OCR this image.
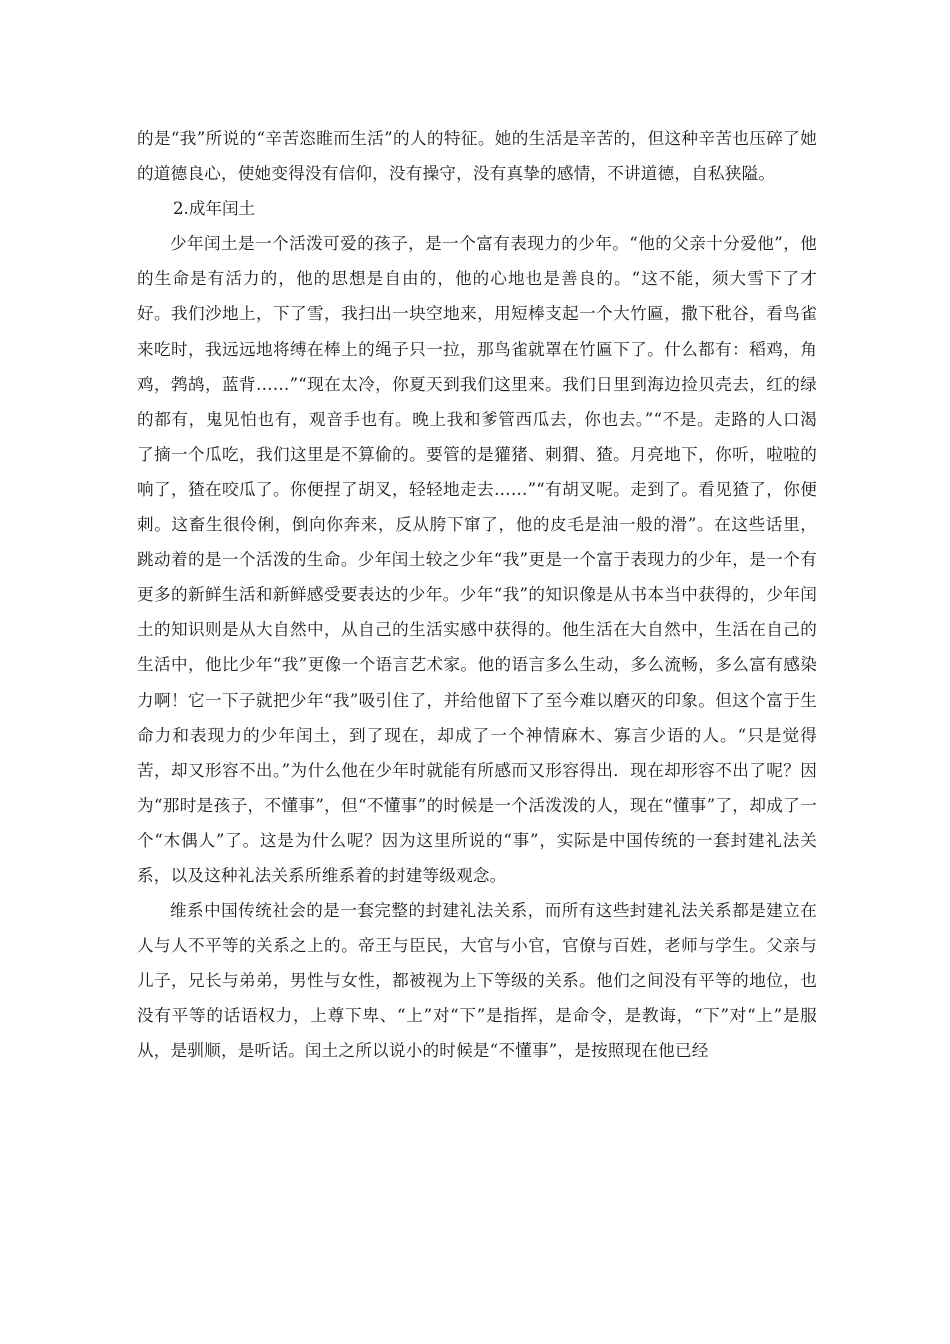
的是“我”所说的“辛苦恣睢而生活”的人的特征。她的生活是辛苦的，但这种辛苦也压碎了她的道德良心，使她变得没有信仰，没有操守，没有真挚的感情，不讲道德，自私狭隘。

2.成年闰土

少年闰土是一个活泼可爱的孩子，是一个富有表现力的少年。“他的父亲十分爱他”，他的生命是有活力的，他的思想是自由的，他的心地也是善良的。“这不能，须大雪下了才好。我们沙地上，下了雪，我扫出一块空地来，用短棒支起一个大竹匾，撒下秕谷，看鸟雀来吃时，我远远地将缚在棒上的绳子只一拉，那鸟雀就罩在竹匾下了。什么都有：稻鸡，角鸡，鹁鸪，蓝背……”“现在太冷，你夏天到我们这里来。我们日里到海边捡贝壳去，红的绿的都有，鬼见怕也有，观音手也有。晚上我和爹管西瓜去，你也去。”“不是。走路的人口渴了摘一个瓜吃，我们这里是不算偷的。要管的是獾猪、刺猬、猹。月亮地下，你听，啦啦的响了，猹在咬瓜了。你便捏了胡叉，轻轻地走去……”“有胡叉呢。走到了。看见猹了，你便刺。这畜生很伶俐，倒向你奔来，反从胯下窜了，他的皮毛是油一般的滑”。在这些话里，跳动着的是一个活泼的生命。少年闰土较之少年“我”更是一个富于表现力的少年，是一个有更多的新鲜生活和新鲜感受要表达的少年。少年“我”的知识像是从书本当中获得的，少年闰土的知识则是从大自然中，从自己的生活实感中获得的。他生活在大自然中，生活在自己的生活中，他比少年“我”更像一个语言艺术家。他的语言多么生动，多么流畅，多么富有感染力啊！它一下子就把少年“我”吸引住了，并给他留下了至今难以磨灭的印象。但这个富于生命力和表现力的少年闰土，到了现在，却成了一个神情麻木、寡言少语的人。“只是觉得苦，却又形容不出。”为什么他在少年时就能有所感而又形容得出．现在却形容不出了呢？因为“那时是孩子，不懂事”，但“不懂事”的时候是一个活泼泼的人，现在“懂事”了，却成了一个“木偶人”了。这是为什么呢？因为这里所说的“事”，实际是中国传统的一套封建礼法关系，以及这种礼法关系所维系着的封建等级观念。

维系中国传统社会的是一套完整的封建礼法关系，而所有这些封建礼法关系都是建立在人与人不平等的关系之上的。帝王与臣民，大官与小官，官僚与百姓，老师与学生。父亲与儿子，兄长与弟弟，男性与女性，都被视为上下等级的关系。他们之间没有平等的地位，也没有平等的话语权力，上尊下卑、“上”对“下”是指挥，是命令，是教诲，“下”对“上”是服从，是驯顺，是听话。闰土之所以说小的时候是“不懂事”，是按照现在他已经
